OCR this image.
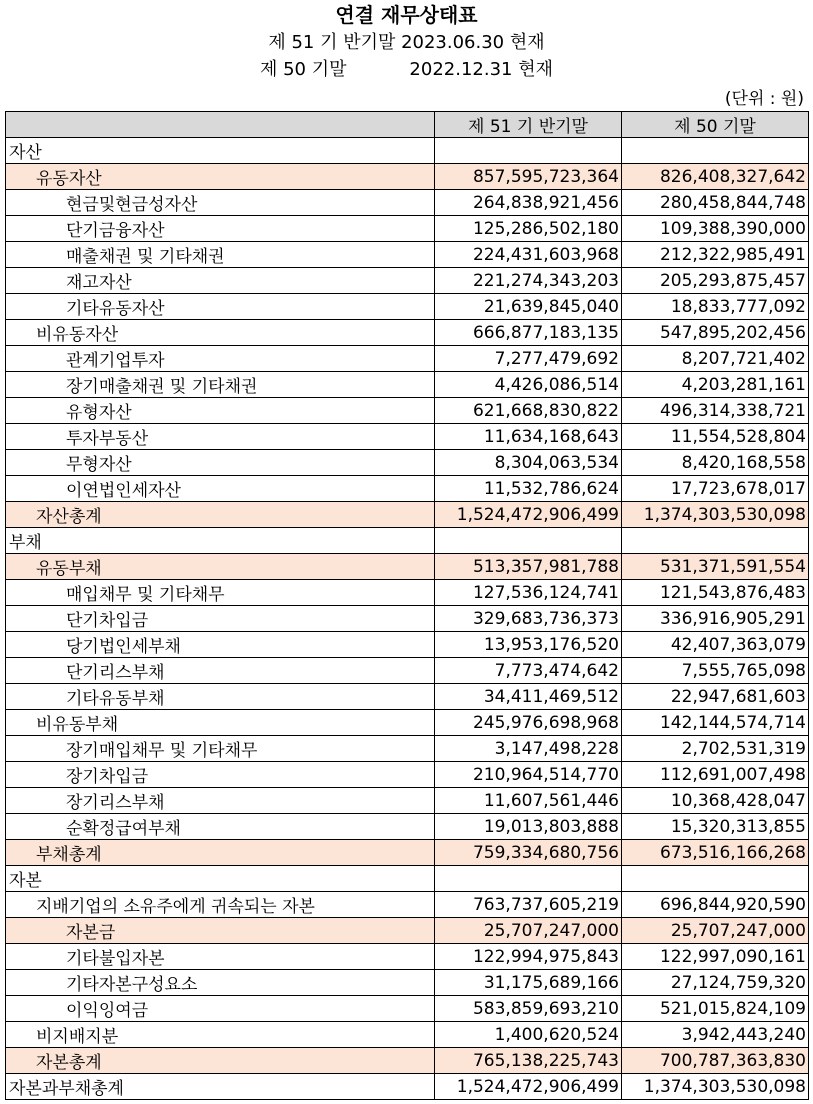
연결 재무상태표
제 51 기 반기말 2023.06.30 현재
제 50 기말           2022.12.31 현재
(단위 : 원)
	제 51 기 반기말	제 50 기말
자산		
유동자산	857,595,723,364	826,408,327,642
현금및현금성자산	264,838,921,456	280,458,844,748
단기금융자산	125,286,502,180	109,388,390,000
매출채권 및 기타채권	224,431,603,968	212,322,985,491
재고자산	221,274,343,203	205,293,875,457
기타유동자산	21,639,845,040	18,833,777,092
비유동자산	666,877,183,135	547,895,202,456
관계기업투자	7,277,479,692	8,207,721,402
장기매출채권 및 기타채권	4,426,086,514	4,203,281,161
유형자산	621,668,830,822	496,314,338,721
투자부동산	11,634,168,643	11,554,528,804
무형자산	8,304,063,534	8,420,168,558
이연법인세자산	11,532,786,624	17,723,678,017
자산총계	1,524,472,906,499	1,374,303,530,098
부채		
유동부채	513,357,981,788	531,371,591,554
매입채무 및 기타채무	127,536,124,741	121,543,876,483
단기차입금	329,683,736,373	336,916,905,291
당기법인세부채	13,953,176,520	42,407,363,079
단기리스부채	7,773,474,642	7,555,765,098
기타유동부채	34,411,469,512	22,947,681,603
비유동부채	245,976,698,968	142,144,574,714
장기매입채무 및 기타채무	3,147,498,228	2,702,531,319
장기차입금	210,964,514,770	112,691,007,498
장기리스부채	11,607,561,446	10,368,428,047
순확정급여부채	19,013,803,888	15,320,313,855
부채총계	759,334,680,756	673,516,166,268
자본		
지배기업의 소유주에게 귀속되는 자본	763,737,605,219	696,844,920,590
자본금	25,707,247,000	25,707,247,000
기타불입자본	122,994,975,843	122,997,090,161
기타자본구성요소	31,175,689,166	27,124,759,320
이익잉여금	583,859,693,210	521,015,824,109
비지배지분	1,400,620,524	3,942,443,240
자본총계	765,138,225,743	700,787,363,830
자본과부채총계	1,524,472,906,499	1,374,303,530,098
